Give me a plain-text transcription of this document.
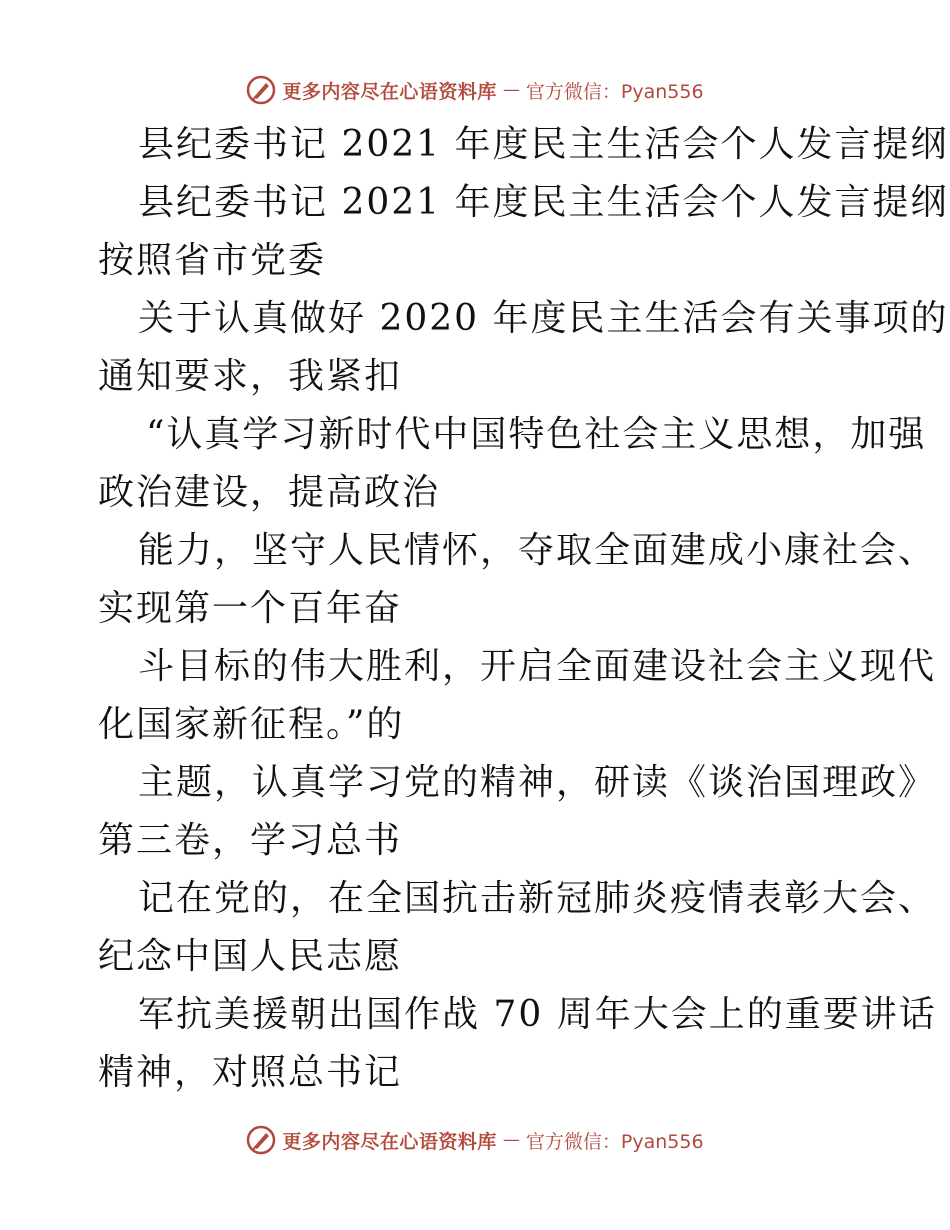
更多内容尽在心语资料库 — 官方微信：Pyan556
县纪委书记 2021 年度民主生活会个人发言提纲
县纪委书记 2021 年度民主生活会个人发言提纲
按照省市党委
关于认真做好 2020 年度民主生活会有关事项的
通知要求，我紧扣
“认真学习新时代中国特色社会主义思想，加强
政治建设，提高政治
能力，坚守人民情怀，夺取全面建成小康社会、
实现第一个百年奋
斗目标的伟大胜利，开启全面建设社会主义现代
化国家新征程。”的
主题，认真学习党的精神，研读《谈治国理政》
第三卷，学习总书
记在党的，在全国抗击新冠肺炎疫情表彰大会、
纪念中国人民志愿
军抗美援朝出国作战 70 周年大会上的重要讲话
精神，对照总书记
更多内容尽在心语资料库 — 官方微信：Pyan556
